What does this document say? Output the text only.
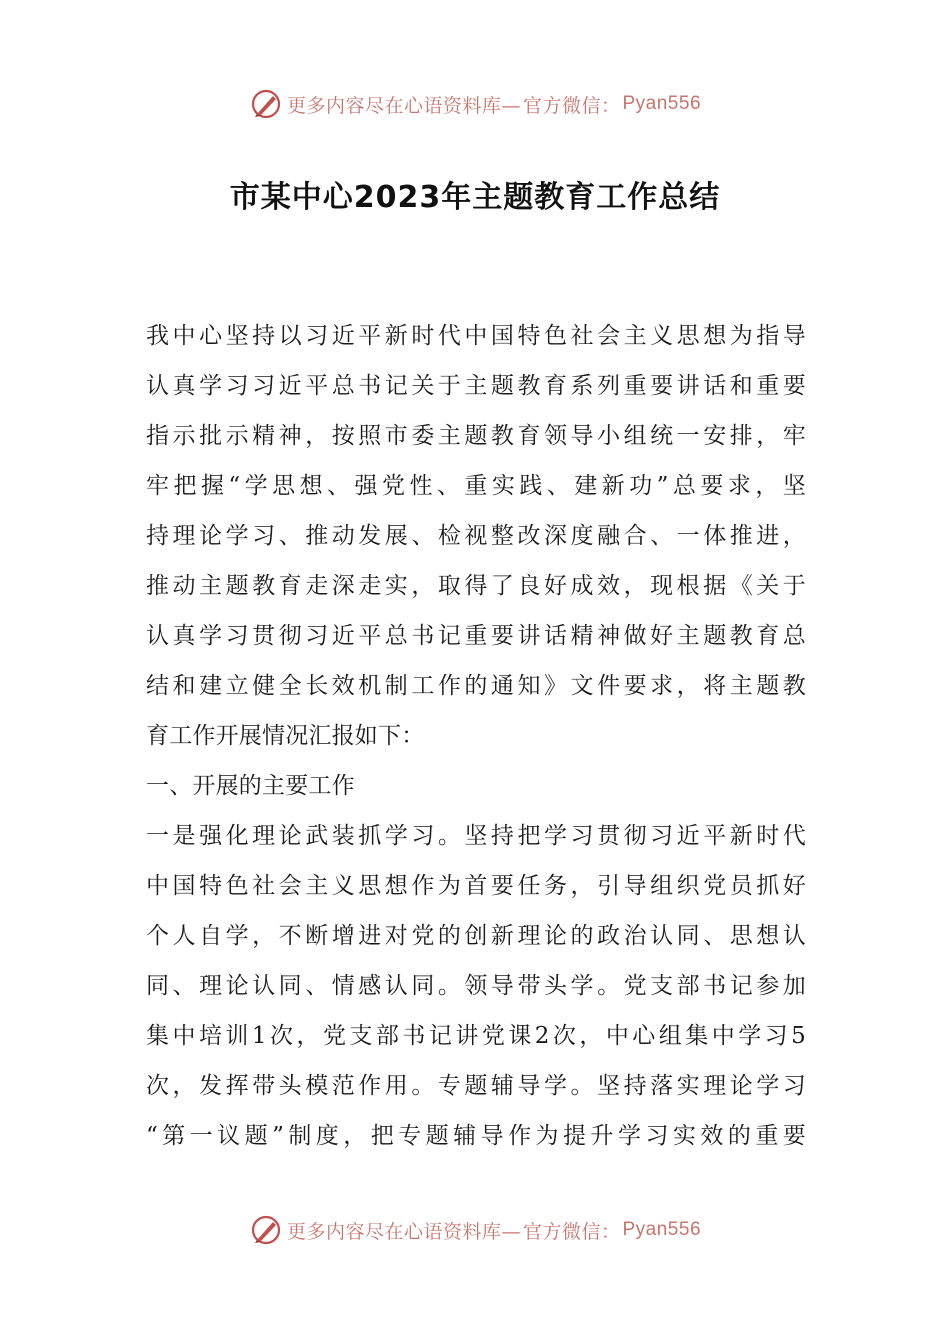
更多内容尽在心语资料库— 官方微信： Pyan556
市某中心2023年主题教育工作总结
我中心坚持以习近平新时代中国特色社会主义思想为指导
认真学习习近平总书记关于主题教育系列重要讲话和重要
指示批示精神，按照市委主题教育领导小组统一安排，牢
牢把握“学思想、强党性、重实践、建新功”总要求，坚
持理论学习、推动发展、检视整改深度融合、一体推进，
推动主题教育走深走实，取得了良好成效，现根据《关于
认真学习贯彻习近平总书记重要讲话精神做好主题教育总
结和建立健全长效机制工作的通知》文件要求，将主题教
育工作开展情况汇报如下：
一、开展的主要工作
一是强化理论武装抓学习。坚持把学习贯彻习近平新时代
中国特色社会主义思想作为首要任务，引导组织党员抓好
个人自学，不断增进对党的创新理论的政治认同、思想认
同、理论认同、情感认同。领导带头学。党支部书记参加
集中培训1次，党支部书记讲党课2次，中心组集中学习5
次，发挥带头模范作用。专题辅导学。坚持落实理论学习
“第一议题”制度，把专题辅导作为提升学习实效的重要
更多内容尽在心语资料库— 官方微信： Pyan556
